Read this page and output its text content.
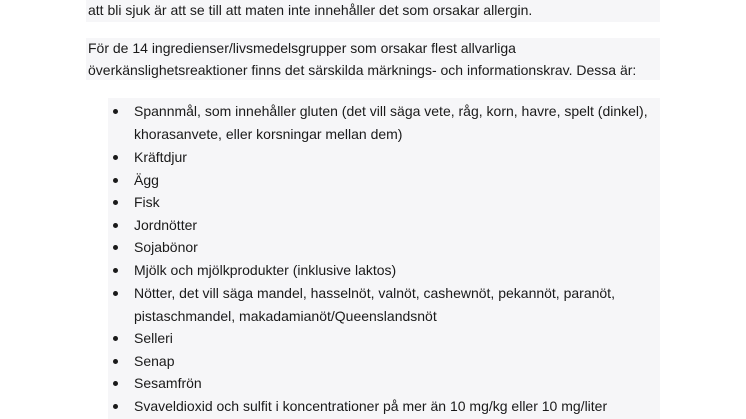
att bli sjuk är att se till att maten inte innehåller det som orsakar allergin.
För de 14 ingredienser/livsmedelsgrupper som orsakar flest allvarliga
överkänslighetsreaktioner finns det särskilda märknings- och informationskrav. Dessa är:
Spannmål, som innehåller gluten (det vill säga vete, råg, korn, havre, spelt (dinkel),
khorasanvete, eller korsningar mellan dem)
Kräftdjur
Ägg
Fisk
Jordnötter
Sojabönor
Mjölk och mjölkprodukter (inklusive laktos)
Nötter, det vill säga mandel, hasselnöt, valnöt, cashewnöt, pekannöt, paranöt,
pistaschmandel, makadamianöt/Queenslandsnöt
Selleri
Senap
Sesamfrön
Svaveldioxid och sulfit i koncentrationer på mer än 10 mg/kg eller 10 mg/liter
